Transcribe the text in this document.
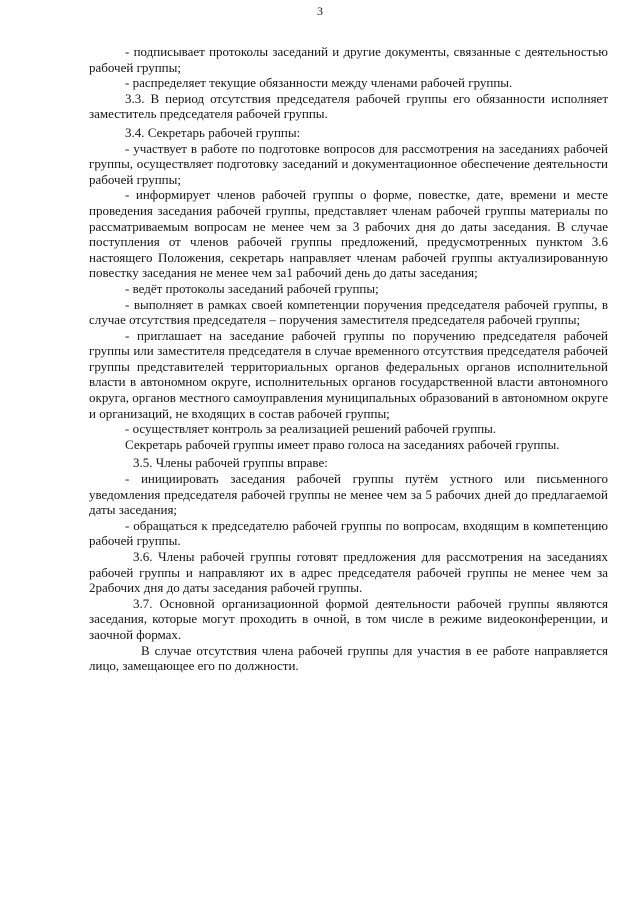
3

- подписывает протоколы заседаний и другие документы, связанные с деятельностью рабочей группы;

- распределяет текущие обязанности между членами рабочей группы.

3.3. В период отсутствия председателя рабочей группы его обязанности исполняет заместитель председателя рабочей группы.

3.4. Секретарь рабочей группы:

- участвует в работе по подготовке вопросов для рассмотрения на заседаниях рабочей группы, осуществляет подготовку заседаний и документационное обеспечение деятельности рабочей группы;

- информирует членов рабочей группы о форме, повестке, дате, времени и месте проведения заседания рабочей группы, представляет членам рабочей группы материалы по рассматриваемым вопросам не менее чем за 3 рабочих дня до даты заседания. В случае поступления от членов рабочей группы предложений, предусмотренных пунктом 3.6 настоящего Положения, секретарь направляет членам рабочей группы актуализированную повестку заседания не менее чем за1 рабочий день до даты заседания;

- ведёт протоколы заседаний рабочей группы;

- выполняет в рамках своей компетенции поручения председателя рабочей группы, в случае отсутствия председателя – поручения заместителя председателя рабочей группы;

- приглашает на заседание рабочей группы по поручению председателя рабочей группы или заместителя председателя в случае временного отсутствия председателя рабочей группы представителей территориальных органов федеральных органов исполнительной власти в автономном округе, исполнительных органов государственной власти автономного округа, органов местного самоуправления муниципальных образований в автономном округе и организаций, не входящих в состав рабочей группы;

- осуществляет контроль за реализацией решений рабочей группы.

Секретарь рабочей группы имеет право голоса на заседаниях рабочей группы.

3.5. Члены рабочей группы вправе:

- инициировать заседания рабочей группы путём устного или письменного уведомления председателя рабочей группы не менее чем за 5 рабочих дней до предлагаемой даты заседания;

- обращаться к председателю рабочей группы по вопросам, входящим в компетенцию рабочей группы.

3.6. Члены рабочей группы готовят предложения для рассмотрения на заседаниях рабочей группы и направляют их в адрес председателя рабочей группы не менее чем за 2рабочих дня до даты заседания рабочей группы.

3.7. Основной организационной формой деятельности рабочей группы являются заседания, которые могут проходить в очной, в том числе в режиме видеоконференции, и заочной формах.

В случае отсутствия члена рабочей группы для участия в ее работе направляется лицо, замещающее его по должности.
